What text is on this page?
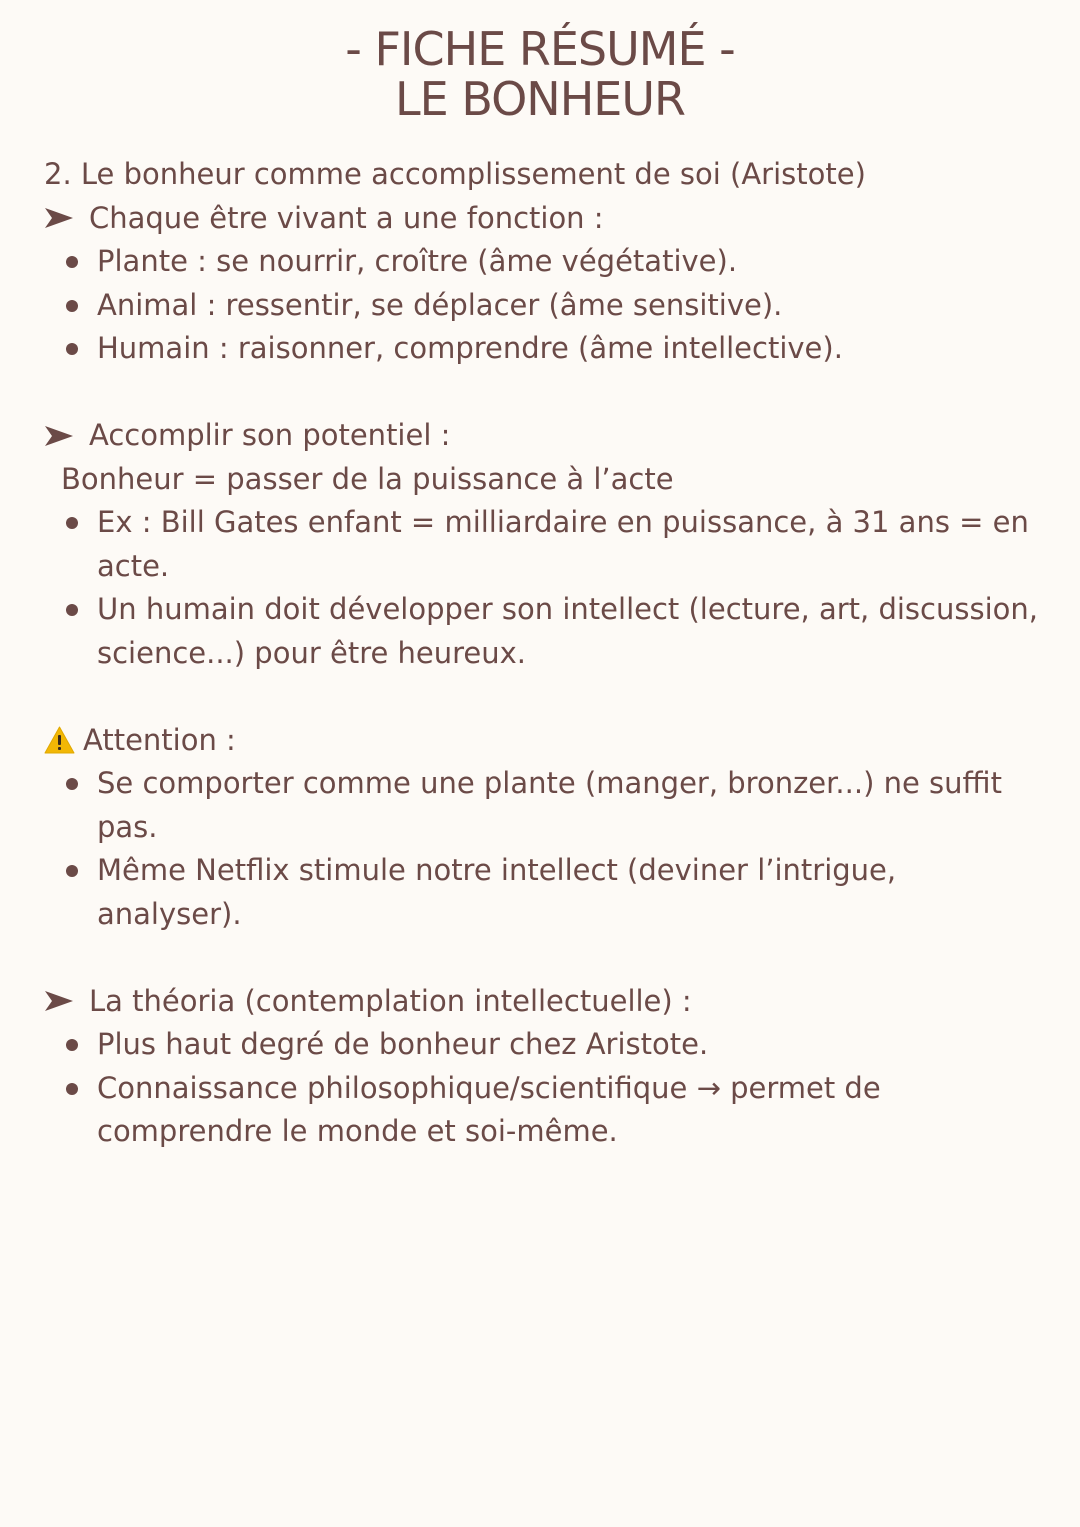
- FICHE RÉSUMÉ -
LE BONHEUR
2. Le bonheur comme accomplissement de soi (Aristote)
Chaque être vivant a une fonction :
Plante : se nourrir, croître (âme végétative).
Animal : ressentir, se déplacer (âme sensitive).
Humain : raisonner, comprendre (âme intellective).
Accomplir son potentiel :
Bonheur = passer de la puissance à l’acte
Ex : Bill Gates enfant = milliardaire en puissance, à 31 ans = en acte.
Un humain doit développer son intellect (lecture, art, discussion, science...) pour être heureux.
Attention :
Se comporter comme une plante (manger, bronzer...) ne suffit pas.
Même Netflix stimule notre intellect (deviner l’intrigue, analyser).
La théoria (contemplation intellectuelle) :
Plus haut degré de bonheur chez Aristote.
Connaissance philosophique/scientifique → permet de comprendre le monde et soi-même.
